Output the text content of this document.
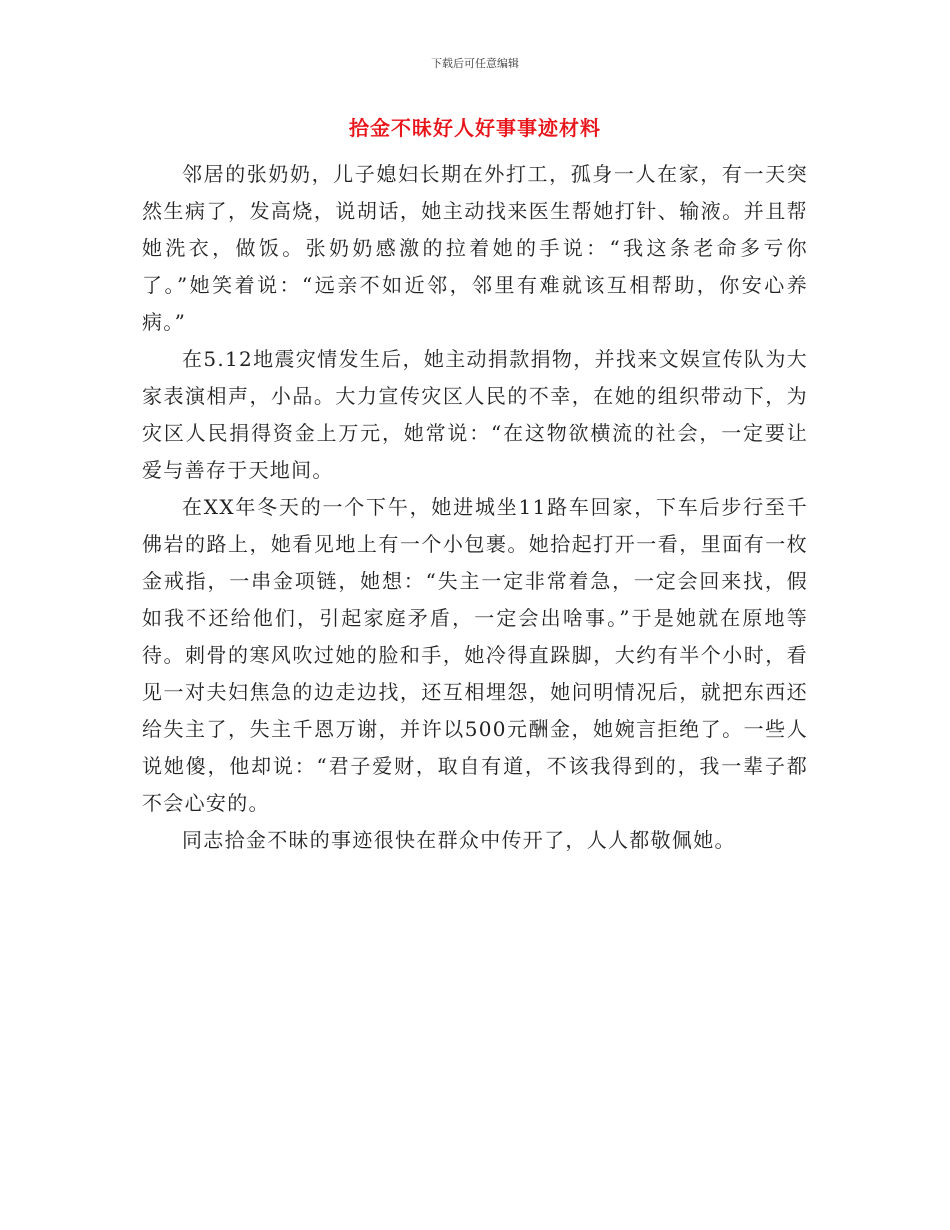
下载后可任意编辑
拾金不昧好人好事事迹材料

邻居的张奶奶，儿子媳妇长期在外打工，孤身一人在家，有一天突然生病了，发高烧，说胡话，她主动找来医生帮她打针、输液。并且帮她洗衣，做饭。张奶奶感激的拉着她的手说：“我这条老命多亏你了。”她笑着说：“远亲不如近邻，邻里有难就该互相帮助，你安心养病。”

在5.12地震灾情发生后，她主动捐款捐物，并找来文娱宣传队为大家表演相声，小品。大力宣传灾区人民的不幸，在她的组织带动下，为灾区人民捐得资金上万元，她常说：“在这物欲横流的社会，一定要让爱与善存于天地间。

在XX年冬天的一个下午，她进城坐11路车回家，下车后步行至千佛岩的路上，她看见地上有一个小包裹。她拾起打开一看，里面有一枚金戒指，一串金项链，她想：“失主一定非常着急，一定会回来找，假如我不还给他们，引起家庭矛盾，一定会出啥事。”于是她就在原地等待。刺骨的寒风吹过她的脸和手，她冷得直跺脚，大约有半个小时，看见一对夫妇焦急的边走边找，还互相埋怨，她问明情况后，就把东西还给失主了，失主千恩万谢，并许以500元酬金，她婉言拒绝了。一些人说她傻，他却说：“君子爱财，取自有道，不该我得到的，我一辈子都不会心安的。

同志拾金不昧的事迹很快在群众中传开了，人人都敬佩她。
